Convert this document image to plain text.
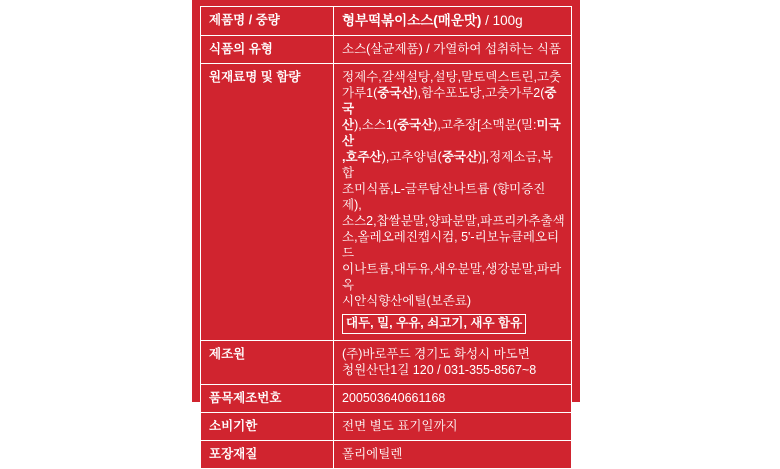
제품명 / 중량	형부떡볶이소스(매운맛) / 100g
식품의 유형	소스(살균제품) / 가열하여 섭취하는 식품
원재료명 및 함량	정제수,갈색설탕,설탕,말토덱스트린,고춧
가루1(중국산),함수포도당,고춧가루2(중국
산),소스1(중국산),고추장[소맥분(밀:미국산
,호주산),고추양념(중국산)],정제소금,복합
조미식품,L-글루탐산나트륨 (향미증진제),
소스2,찹쌀분말,양파분말,파프리카추출색
소,올레오레진캡시컴, 5'-리보뉴클레오티드
이나트륨,대두유,새우분말,생강분말,파라옥
시안식향산에틸(보존료)
대두, 밀, 우유, 쇠고기, 새우 함유

제조원	(주)바로푸드 경기도 화성시 마도면
청원산단1길 120 / 031-355-8567~8

품목제조번호	200503640661168
소비기한	전면 별도 표기일까지
포장재질	폴리에틸렌
